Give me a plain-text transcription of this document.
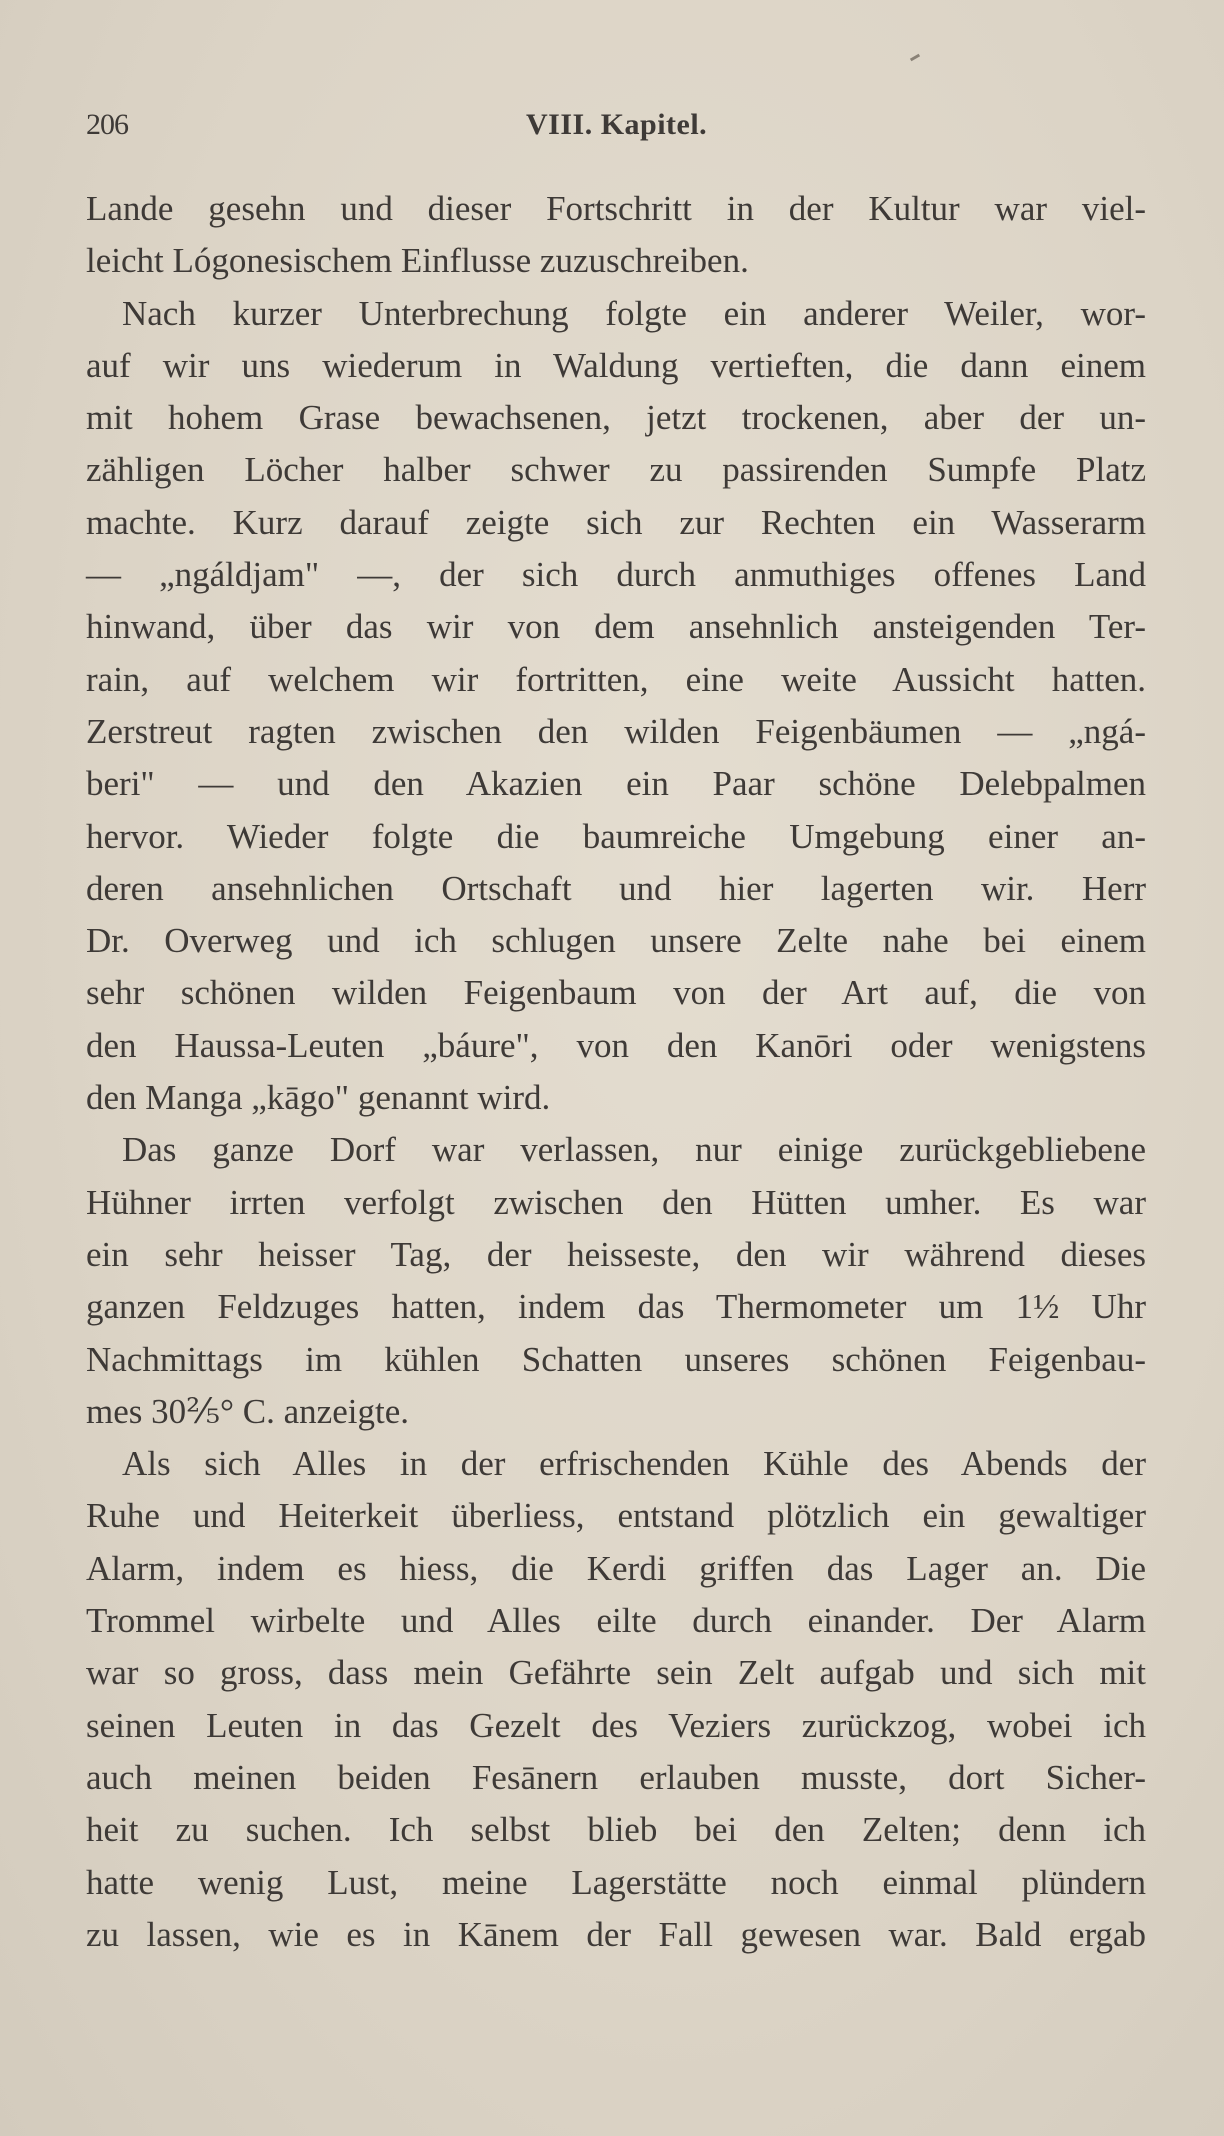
206	VIII. Kapitel.
Lande gesehn und dieser Fortschritt in der Kultur war viel-
leicht Lógonesischem Einflusse zuzuschreiben.
Nach kurzer Unterbrechung folgte ein anderer Weiler, wor-
auf wir uns wiederum in Waldung vertieften, die dann einem
mit hohem Grase bewachsenen, jetzt trockenen, aber der un-
zähligen Löcher halber schwer zu passirenden Sumpfe Platz
machte. Kurz darauf zeigte sich zur Rechten ein Wasserarm
— „ngáldjam" —, der sich durch anmuthiges offenes Land
hinwand, über das wir von dem ansehnlich ansteigenden Ter-
rain, auf welchem wir fortritten, eine weite Aussicht hatten.
Zerstreut ragten zwischen den wilden Feigenbäumen — „ngá-
beri" — und den Akazien ein Paar schöne Delebpalmen
hervor. Wieder folgte die baumreiche Umgebung einer an-
deren ansehnlichen Ortschaft und hier lagerten wir. Herr
Dr. Overweg und ich schlugen unsere Zelte nahe bei einem
sehr schönen wilden Feigenbaum von der Art auf, die von
den Haussa-Leuten „báure", von den Kanōri oder wenigstens
den Manga „kāgo" genannt wird.
Das ganze Dorf war verlassen, nur einige zurückgebliebene
Hühner irrten verfolgt zwischen den Hütten umher. Es war
ein sehr heisser Tag, der heisseste, den wir während dieses
ganzen Feldzuges hatten, indem das Thermometer um 1½ Uhr
Nachmittags im kühlen Schatten unseres schönen Feigenbau-
mes 30⅖° C. anzeigte.
Als sich Alles in der erfrischenden Kühle des Abends der
Ruhe und Heiterkeit überliess, entstand plötzlich ein gewaltiger
Alarm, indem es hiess, die Kerdi griffen das Lager an. Die
Trommel wirbelte und Alles eilte durch einander. Der Alarm
war so gross, dass mein Gefährte sein Zelt aufgab und sich mit
seinen Leuten in das Gezelt des Veziers zurückzog, wobei ich
auch meinen beiden Fesānern erlauben musste, dort Sicher-
heit zu suchen. Ich selbst blieb bei den Zelten; denn ich
hatte wenig Lust, meine Lagerstätte noch einmal plündern
zu lassen, wie es in Kānem der Fall gewesen war. Bald ergab
